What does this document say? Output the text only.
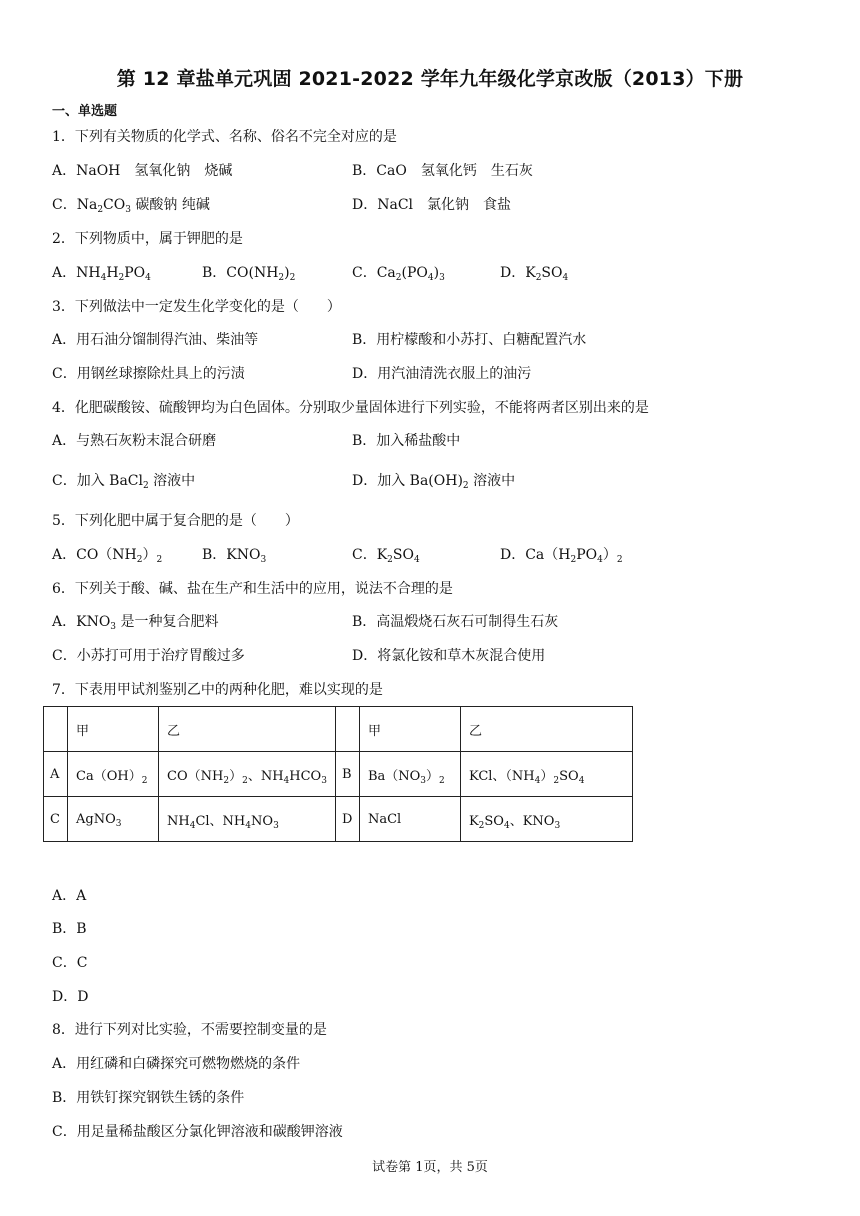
第 12 章盐单元巩固 2021-2022 学年九年级化学京改版（2013）下册
一、单选题
1．下列有关物质的化学式、名称、俗名不完全对应的是
A．NaOH　氢氧化钠　烧碱	B．CaO　氢氧化钙　生石灰
C．$Na_2CO_3$ 碳酸钠 纯碱	D．NaCl　氯化钠　食盐
2．下列物质中，属于钾肥的是
A．$NH_4H_2PO_4$	B．$CO(NH_2)_2$	C．$Ca_2(PO_4)_3$	D．$K_2SO_4$
3．下列做法中一定发生化学变化的是（　　）
A．用石油分馏制得汽油、柴油等	B．用柠檬酸和小苏打、白糖配置汽水
C．用钢丝球擦除灶具上的污渍	D．用汽油清洗衣服上的油污
4．化肥碳酸铵、硫酸钾均为白色固体。分别取少量固体进行下列实验，不能将两者区别出来的是
A．与熟石灰粉末混合研磨	B．加入稀盐酸中
C．加入 BaCl$_2$ 溶液中	D．加入 $Ba(OH)_2$ 溶液中
5．下列化肥中属于复合肥的是（　　）
A．$CO(NH_2)_2$	B．$KNO_3$	C．$K_2SO_4$	D．$Ca(H_2PO_4)_2$
6．下列关于酸、碱、盐在生产和生活中的应用，说法不合理的是
A．$KNO_3$ 是一种复合肥料	B．高温煅烧石灰石可制得生石灰
C．小苏打可用于治疗胃酸过多	D．将氯化铵和草木灰混合使用
7．下表用甲试剂鉴别乙中的两种化肥，难以实现的是
	甲	乙		甲	乙
A	$Ca(OH)_2$	$CO(NH_2)_2$、$NH_4HCO_3$	B	$Ba(NO_3)_2$	KCl、$(NH_4)_2SO_4$
C	AgNO$_3$	$NH_4Cl$、$NH_4NO_3$	D	NaCl	$K_2SO_4$、$KNO_3$
A．A
B．B
C．C
D．D
8．进行下列对比实验，不需要控制变量的是
A．用红磷和白磷探究可燃物燃烧的条件
B．用铁钉探究钢铁生锈的条件
C．用足量稀盐酸区分氯化钾溶液和碳酸钾溶液
试卷第 1页，共 5页
